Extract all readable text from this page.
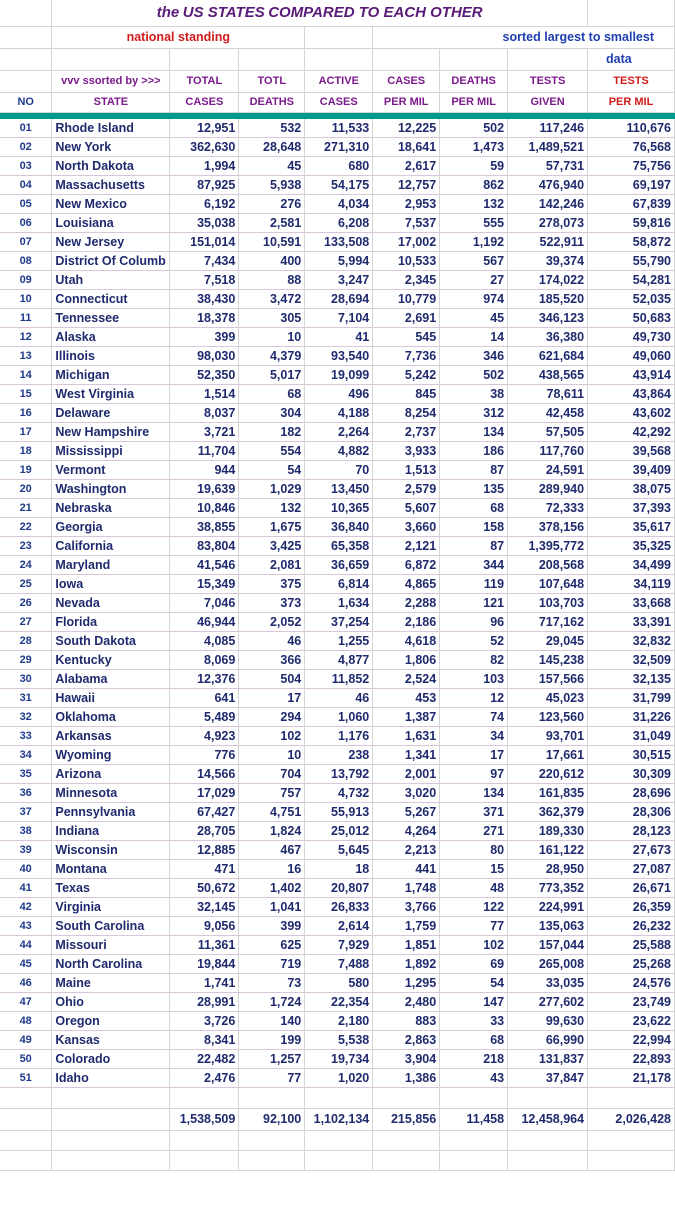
	the US STATES COMPARED TO EACH OTHER							
	national standing				sorted largest to smallest			
								data
	vvv ssorted by >>>	TOTAL	TOTL	ACTIVE	CASES	DEATHS	TESTS	TESTS
NO	STATE	CASES	DEATHS	CASES	PER MIL	PER MIL	GIVEN	PER MIL

01	Rhode Island	12,951	532	11,533	12,225	502	117,246	110,676
02	New York	362,630	28,648	271,310	18,641	1,473	1,489,521	76,568
03	North Dakota	1,994	45	680	2,617	59	57,731	75,756
04	Massachusetts	87,925	5,938	54,175	12,757	862	476,940	69,197
05	New Mexico	6,192	276	4,034	2,953	132	142,246	67,839
06	Louisiana	35,038	2,581	6,208	7,537	555	278,073	59,816
07	New Jersey	151,014	10,591	133,508	17,002	1,192	522,911	58,872
08	District Of Columb	7,434	400	5,994	10,533	567	39,374	55,790
09	Utah	7,518	88	3,247	2,345	27	174,022	54,281
10	Connecticut	38,430	3,472	28,694	10,779	974	185,520	52,035
11	Tennessee	18,378	305	7,104	2,691	45	346,123	50,683
12	Alaska	399	10	41	545	14	36,380	49,730
13	Illinois	98,030	4,379	93,540	7,736	346	621,684	49,060
14	Michigan	52,350	5,017	19,099	5,242	502	438,565	43,914
15	West Virginia	1,514	68	496	845	38	78,611	43,864
16	Delaware	8,037	304	4,188	8,254	312	42,458	43,602
17	New Hampshire	3,721	182	2,264	2,737	134	57,505	42,292
18	Mississippi	11,704	554	4,882	3,933	186	117,760	39,568
19	Vermont	944	54	70	1,513	87	24,591	39,409
20	Washington	19,639	1,029	13,450	2,579	135	289,940	38,075
21	Nebraska	10,846	132	10,365	5,607	68	72,333	37,393
22	Georgia	38,855	1,675	36,840	3,660	158	378,156	35,617
23	California	83,804	3,425	65,358	2,121	87	1,395,772	35,325
24	Maryland	41,546	2,081	36,659	6,872	344	208,568	34,499
25	Iowa	15,349	375	6,814	4,865	119	107,648	34,119
26	Nevada	7,046	373	1,634	2,288	121	103,703	33,668
27	Florida	46,944	2,052	37,254	2,186	96	717,162	33,391
28	South Dakota	4,085	46	1,255	4,618	52	29,045	32,832
29	Kentucky	8,069	366	4,877	1,806	82	145,238	32,509
30	Alabama	12,376	504	11,852	2,524	103	157,566	32,135
31	Hawaii	641	17	46	453	12	45,023	31,799
32	Oklahoma	5,489	294	1,060	1,387	74	123,560	31,226
33	Arkansas	4,923	102	1,176	1,631	34	93,701	31,049
34	Wyoming	776	10	238	1,341	17	17,661	30,515
35	Arizona	14,566	704	13,792	2,001	97	220,612	30,309
36	Minnesota	17,029	757	4,732	3,020	134	161,835	28,696
37	Pennsylvania	67,427	4,751	55,913	5,267	371	362,379	28,306
38	Indiana	28,705	1,824	25,012	4,264	271	189,330	28,123
39	Wisconsin	12,885	467	5,645	2,213	80	161,122	27,673
40	Montana	471	16	18	441	15	28,950	27,087
41	Texas	50,672	1,402	20,807	1,748	48	773,352	26,671
42	Virginia	32,145	1,041	26,833	3,766	122	224,991	26,359
43	South Carolina	9,056	399	2,614	1,759	77	135,063	26,232
44	Missouri	11,361	625	7,929	1,851	102	157,044	25,588
45	North Carolina	19,844	719	7,488	1,892	69	265,008	25,268
46	Maine	1,741	73	580	1,295	54	33,035	24,576
47	Ohio	28,991	1,724	22,354	2,480	147	277,602	23,749
48	Oregon	3,726	140	2,180	883	33	99,630	23,622
49	Kansas	8,341	199	5,538	2,863	68	66,990	22,994
50	Colorado	22,482	1,257	19,734	3,904	218	131,837	22,893
51	Idaho	2,476	77	1,020	1,386	43	37,847	21,178

		1,538,509	92,100	1,102,134	215,856	11,458	12,458,964	2,026,428
